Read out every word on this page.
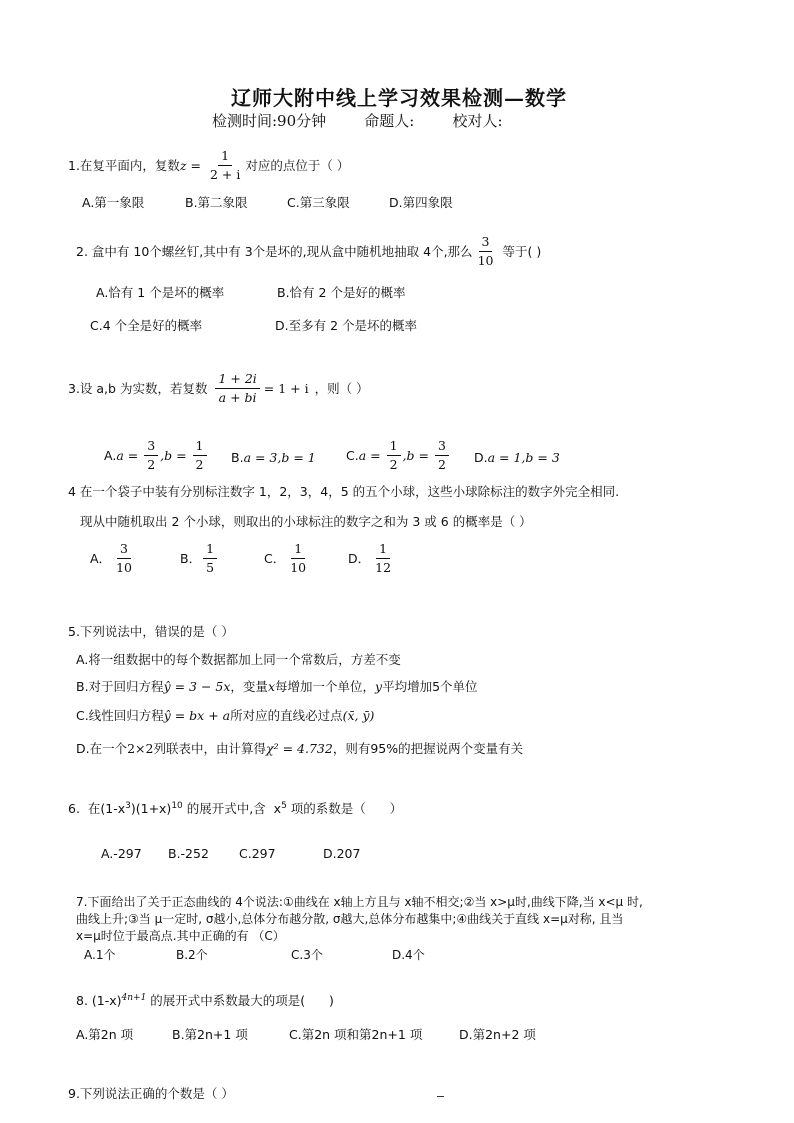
辽师大附中线上学习效果检测—数学
检测时间:90分钟        命题人:        校对人:
1.在复平面内，复数 $z = \frac{1}{2 + i}$ 对应的点位于（ ）
A.第一象限	B.第二象限	C.第三象限	D.第四象限
2. 盒中有 10个螺丝钉,其中有 3个是坏的,现从盒中随机地抽取 4个,那么 $\frac{3}{10}$ 等于( )
A.恰有 1 个是坏的概率	B.恰有 2 个是好的概率
C.4 个全是好的概率	D.至多有 2 个是坏的概率
3.设 a,b 为实数，若复数 $\frac{1 + 2i}{a + bi} = 1 + i$ ，则（ ）
A. $a = \frac{3}{2} ,b = \frac{1}{2} B.a = 3,b = 1$ C. $a = \frac{1}{2} ,b = \frac{3}{2} D.a = 1,b = 3$
4 在一个袋子中装有分别标注数字 1，2，3，4，5 的五个小球，这些小球除标注的数字外完全相同.
现从中随机取出 2 个小球，则取出的小球标注的数字之和为 3 或 6 的概率是（ ）
A． $\frac{3}{10}$	B． $\frac{1}{5}$	C． $\frac{1}{10}$	D． $\frac{1}{12}$
5.下列说法中，错误的是（ ）
A.将一组数据中的每个数据都加上同一个常数后，方差不变
B.对于回归方程ŷ = 3 − 5x，变量x每增加一个单位，y平均增加5个单位
C.线性回归方程ŷ = bx + a所对应的直线必过点(x̄, ȳ)
D.在一个2×2列联表中，由计算得χ² = 4.732，则有95%的把握说两个变量有关
6.  在$(1-x^3)(1+x)^{10}$ 的展开式中,含  $x^5$ 项的系数是（      ）
A.-297 B.-252 C.297	D.207
7.下面给出了关于正态曲线的 4个说法:①曲线在 x轴上方且与 x轴不相交;②当 x>μ时,曲线下降,当 x<μ 时,
曲线上升;③当 μ一定时, σ越小,总体分布越分散, σ越大,总体分布越集中;④曲线关于直线 x=μ对称, 且当
x=μ时位于最高点.其中正确的有 （C）
A.1个	B.2个	C.3个	D.4个
8. $(1-x)^{4n+1}$ 的展开式中系数最大的项是(      )
A.第2n 项	B.第2n+1 项	C.第2n 项和第2n+1 项	D.第2n+2 项
9.下列说法正确的个数是（ ）
